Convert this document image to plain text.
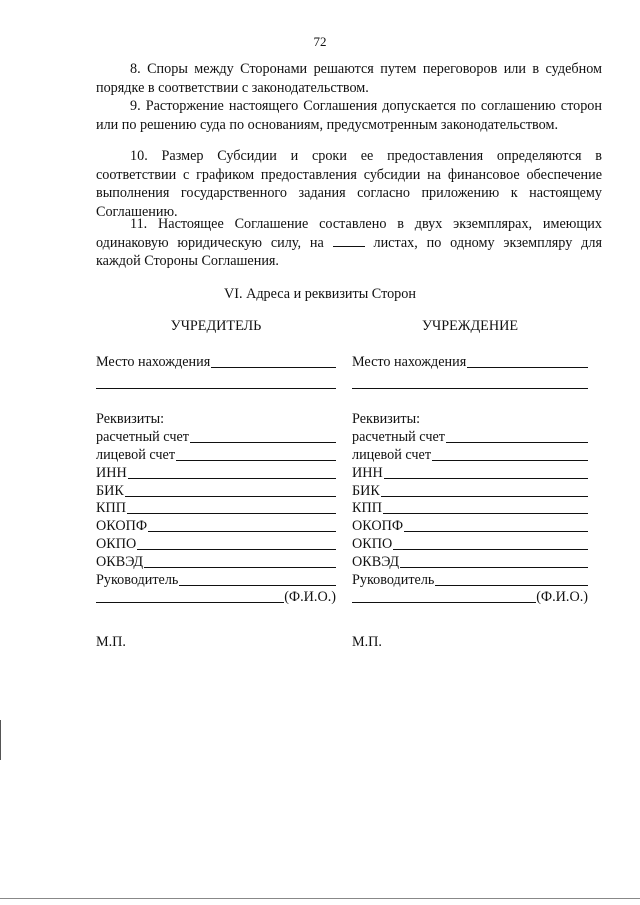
72
8. Споры между Сторонами решаются путем переговоров или в судебном порядке в соответствии с законодательством.
9. Расторжение настоящего Соглашения допускается по соглашению сторон или по решению суда по основаниям, предусмотренным законодательством.
10. Размер Субсидии и сроки ее предоставления определяются в соответствии с графиком предоставления субсидии на финансовое обеспечение выполнения государственного задания согласно приложению к настоящему Соглашению.
11. Настоящее Соглашение составлено в двух экземплярах, имеющих одинаковую юридическую силу, на	листах, по одному экземпляру для каждой Стороны Соглашения.
VI. Адреса и реквизиты Сторон
УЧРЕДИТЕЛЬ
Место нахождения
Реквизиты:
расчетный счет
лицевой счет
ИНН
БИК
КПП
ОКОПФ
ОКПО
ОКВЭД
Руководитель
(Ф.И.О.)
М.П.
УЧРЕЖДЕНИЕ
Место нахождения
Реквизиты:
расчетный счет
лицевой счет
ИНН
БИК
КПП
ОКОПФ
ОКПО
ОКВЭД
Руководитель
(Ф.И.О.)
М.П.
